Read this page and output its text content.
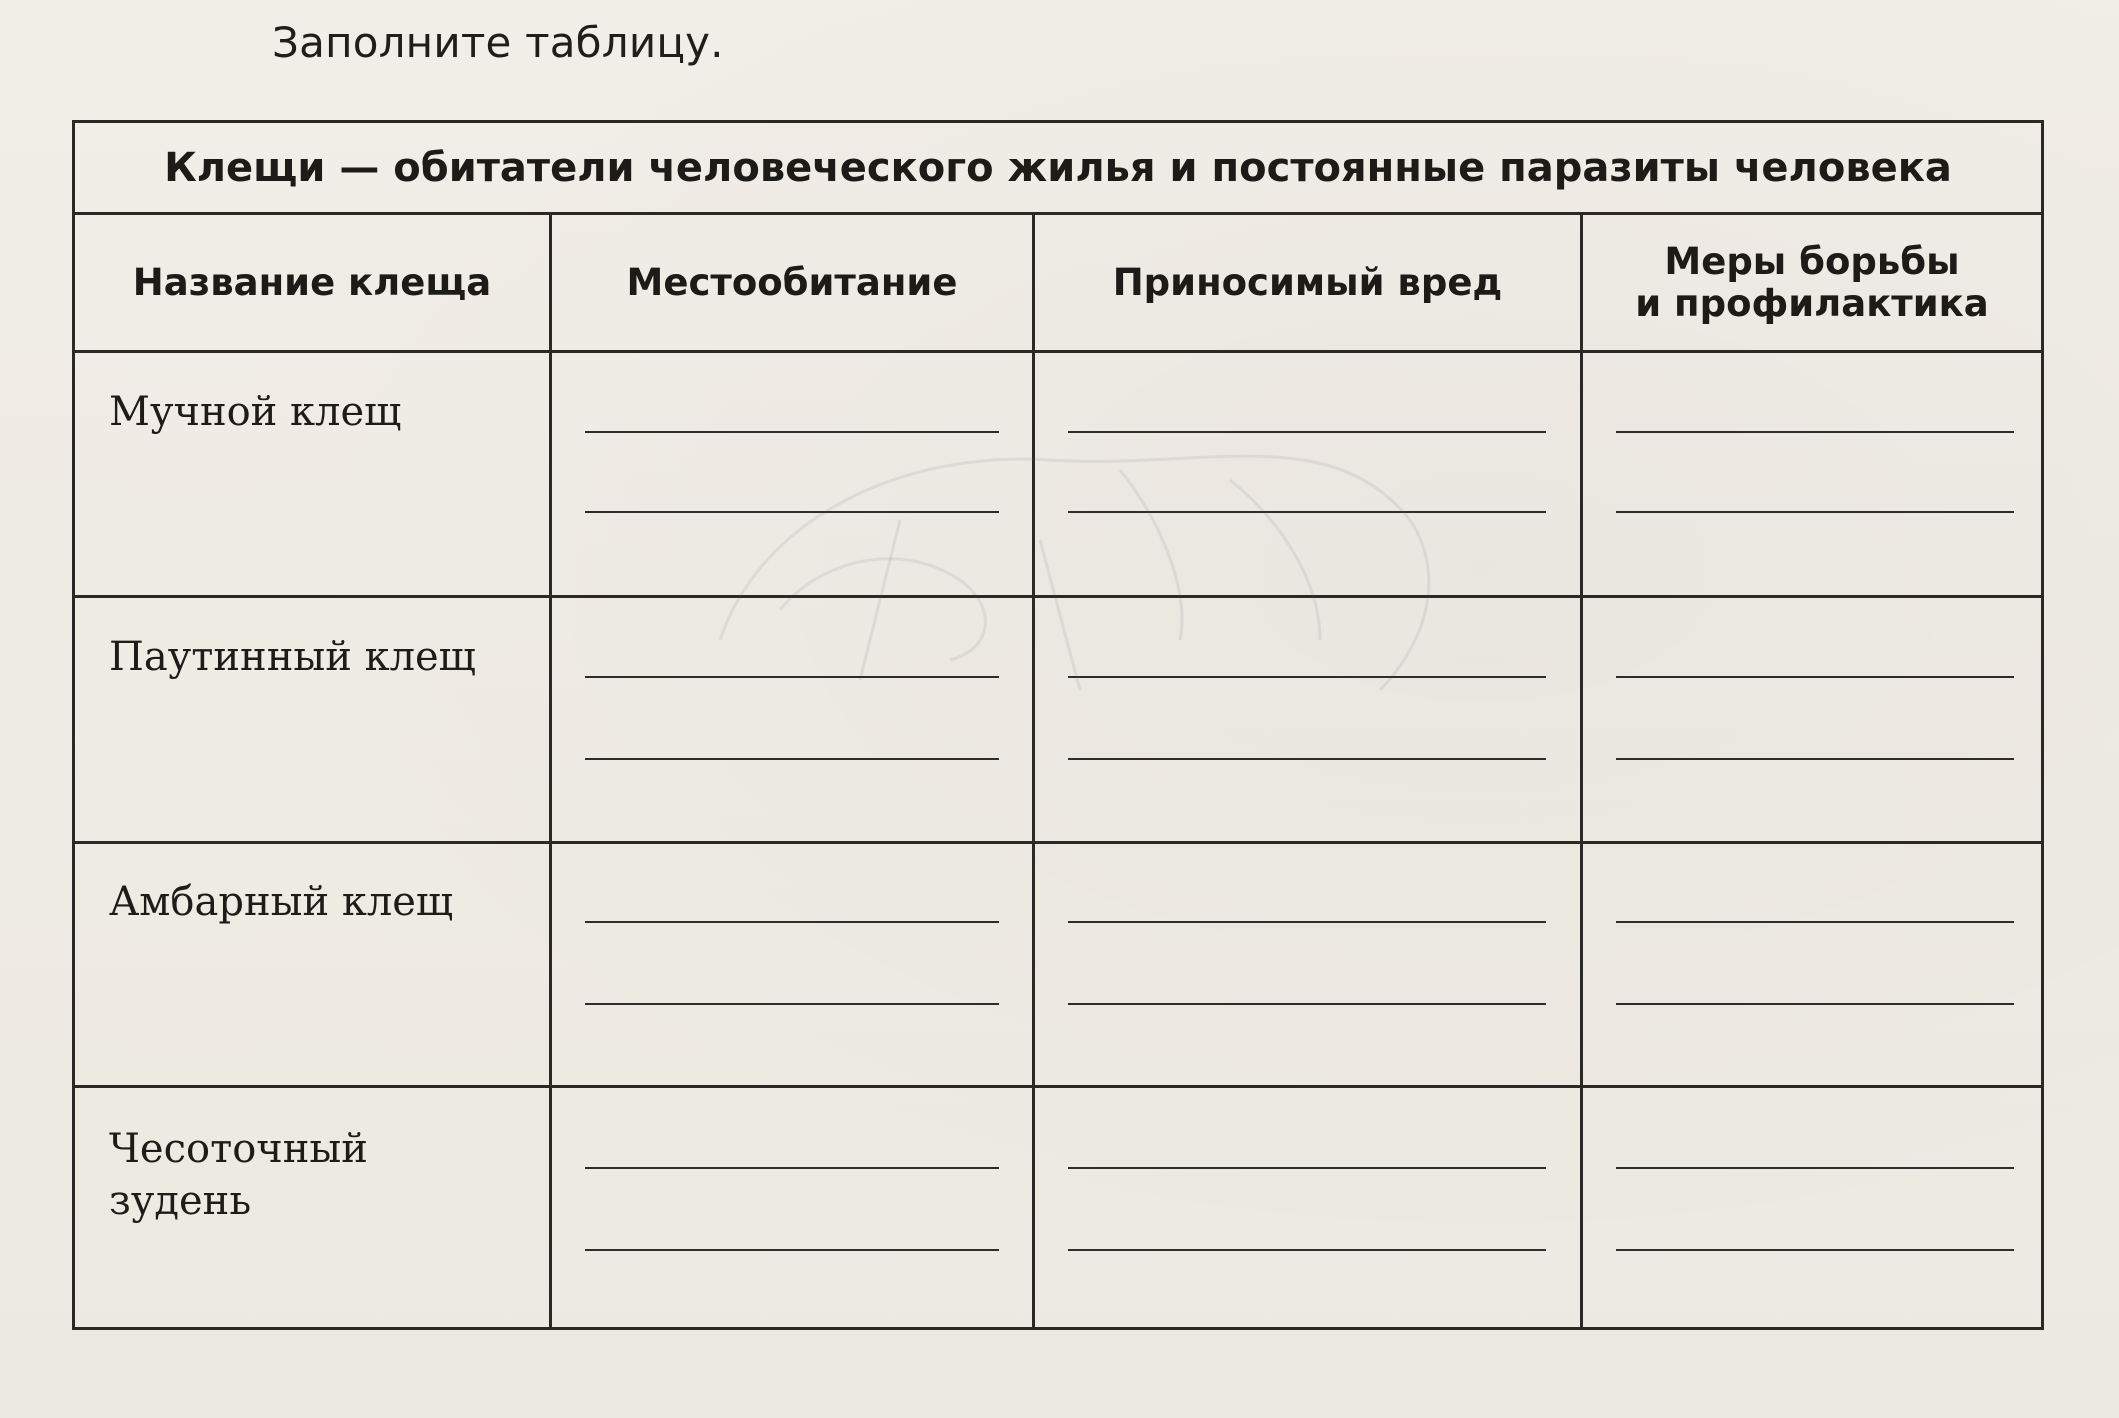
Заполните таблицу.
Клещи — обитатели человеческого жилья и постоянные паразиты человека
Название клеща	Местообитание	Приносимый вред	Меры борьбы
и профилактика
Мучной клещ
Паутинный клещ
Амбарный клещ
Чесоточный
зудень
